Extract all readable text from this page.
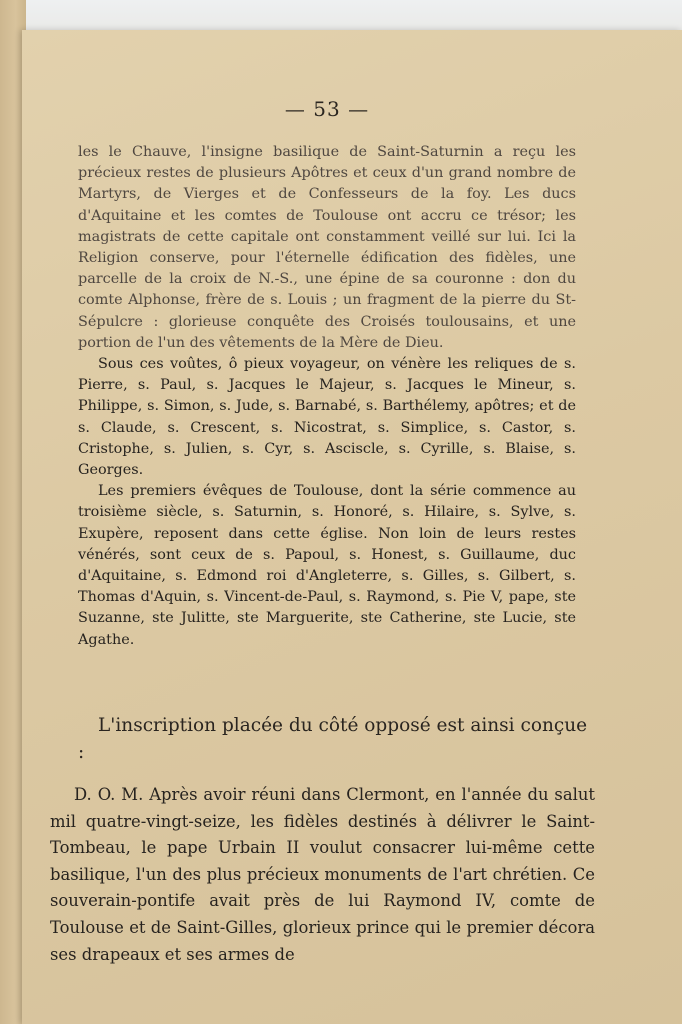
— 53 —

les le Chauve, l'insigne basilique de Saint-Saturnin a reçu les précieux restes de plusieurs Apôtres et ceux d'un grand nombre de Martyrs, de Vierges et de Confesseurs de la foy. Les ducs d'Aquitaine et les comtes de Toulouse ont accru ce trésor; les magistrats de cette capitale ont constamment veillé sur lui. Ici la Religion conserve, pour l'éternelle édification des fidèles, une parcelle de la croix de N.-S., une épine de sa couronne : don du comte Alphonse, frère de s. Louis ; un fragment de la pierre du St-Sépulcre : glorieuse conquête des Croisés toulousains, et une portion de l'un des vêtements de la Mère de Dieu.

Sous ces voûtes, ô pieux voyageur, on vénère les reliques de s. Pierre, s. Paul, s. Jacques le Majeur, s. Jacques le Mineur, s. Philippe, s. Simon, s. Jude, s. Barnabé, s. Barthélemy, apôtres; et de s. Claude, s. Crescent, s. Nicostrat, s. Simplice, s. Castor, s. Cristophe, s. Julien, s. Cyr, s. Asciscle, s. Cyrille, s. Blaise, s. Georges.

Les premiers évêques de Toulouse, dont la série commence au troisième siècle, s. Saturnin, s. Honoré, s. Hilaire, s. Sylve, s. Exupère, reposent dans cette église. Non loin de leurs restes vénérés, sont ceux de s. Papoul, s. Honest, s. Guillaume, duc d'Aquitaine, s. Edmond roi d'Angleterre, s. Gilles, s. Gilbert, s. Thomas d'Aquin, s. Vincent-de-Paul, s. Raymond, s. Pie V, pape, ste Suzanne, ste Julitte, ste Marguerite, ste Catherine, ste Lucie, ste Agathe.

L'inscription placée du côté opposé est ainsi conçue :

D. O. M. Après avoir réuni dans Clermont, en l'année du salut mil quatre-vingt-seize, les fidèles destinés à délivrer le Saint-Tombeau, le pape Urbain II voulut consacrer lui-même cette basilique, l'un des plus précieux monuments de l'art chrétien. Ce souverain-pontife avait près de lui Raymond IV, comte de Toulouse et de Saint-Gilles, glorieux prince qui le premier décora ses drapeaux et ses armes de
